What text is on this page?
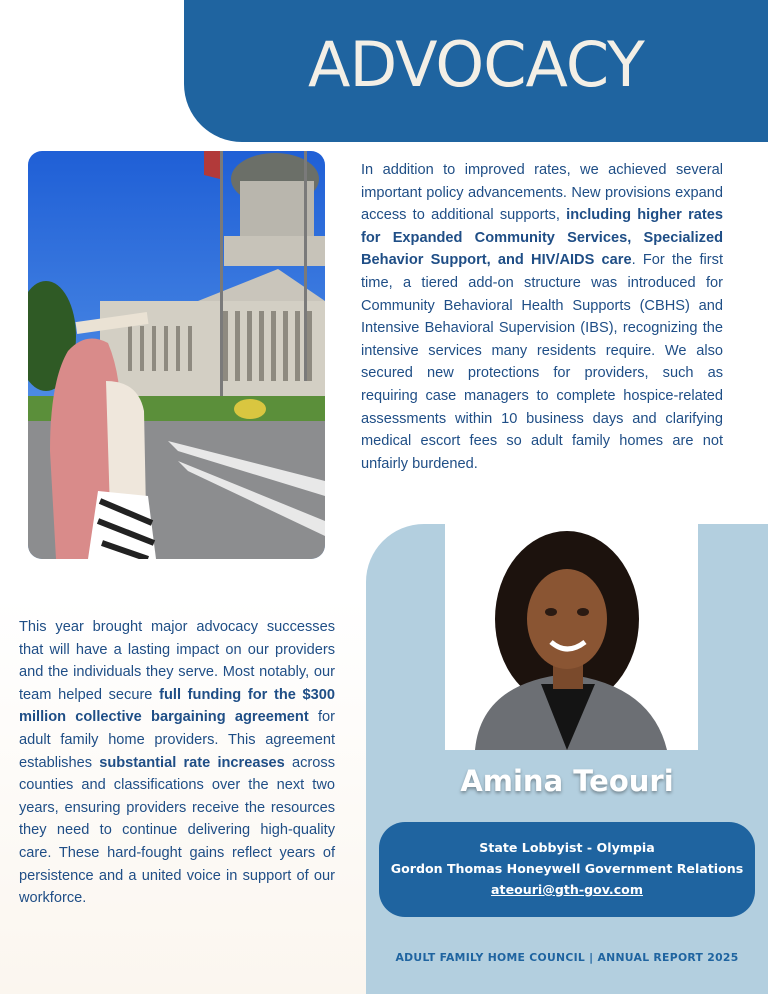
ADVOCACY
In addition to improved rates, we achieved several important policy advancements. New provisions expand access to additional supports, including higher rates for Expanded Community Services, Specialized Behavior Support, and HIV/AIDS care. For the first time, a tiered add-on structure was introduced for Community Behavioral Health Supports (CBHS) and Intensive Behavioral Supervision (IBS), recognizing the intensive services many residents require. We also secured new protections for providers, such as requiring case managers to complete hospice-related assessments within 10 business days and clarifying medical escort fees so adult family homes are not unfairly burdened.
This year brought major advocacy successes that will have a lasting impact on our providers and the individuals they serve. Most notably, our team helped secure full funding for the $300 million collective bargaining agreement for adult family home providers. This agreement establishes substantial rate increases across counties and classifications over the next two years, ensuring providers receive the resources they need to continue delivering high-quality care. These hard-fought gains reflect years of persistence and a united voice in support of our workforce.
Amina Teouri
State Lobbyist - Olympia
Gordon Thomas Honeywell Government Relations
ateouri@gth-gov.com
ADULT FAMILY HOME COUNCIL | ANNUAL REPORT 2025
